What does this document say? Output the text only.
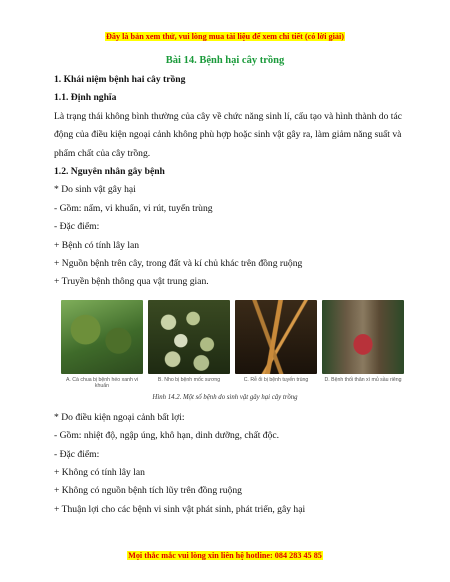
Đây là bản xem thử, vui lòng mua tài liệu để xem chi tiết (có lời giải)
Bài 14. Bệnh hại cây trồng

1. Khái niệm bệnh hai cây trồng

1.1. Định nghĩa

Là trạng thái không bình thường của cây về chức năng sinh lí, cấu tạo và hình thành do tác động của điều kiện ngoại cảnh không phù hợp hoặc sinh vật gây ra, làm giảm năng suất và phẩm chất của cây trồng.

1.2. Nguyên nhân gây bệnh

* Do sinh vật gây hại

- Gồm: nấm, vi khuẩn, vi rút, tuyến trùng

- Đặc điểm:

+ Bệnh có tính lây lan

+ Nguồn bệnh trên cây, trong đất và kí chủ khác trên đồng ruộng

+ Truyền bệnh thông qua vật trung gian.

A. Cà chua bị bệnh héo xanh vi khuẩn
B. Nho bị bệnh mốc sương	C. Rễ ổi bị bệnh tuyến trùng	D. Bệnh thối thân xì mủ sầu riêng
Hình 14.2. Một số bệnh do sinh vật gây hại cây trồng

* Do điều kiện ngoại cảnh bất lợi:

- Gồm: nhiệt độ, ngập úng, khô hạn, dinh dưỡng, chất độc.

- Đặc điểm:

+ Không có tính lây lan

+ Không có nguồn bệnh tích lũy trên đồng ruộng

+ Thuận lợi cho các bệnh vi sinh vật phát sinh, phát triển, gây hại

Mọi thắc mắc vui lòng xin liên hệ hotline: 084 283 45 85
